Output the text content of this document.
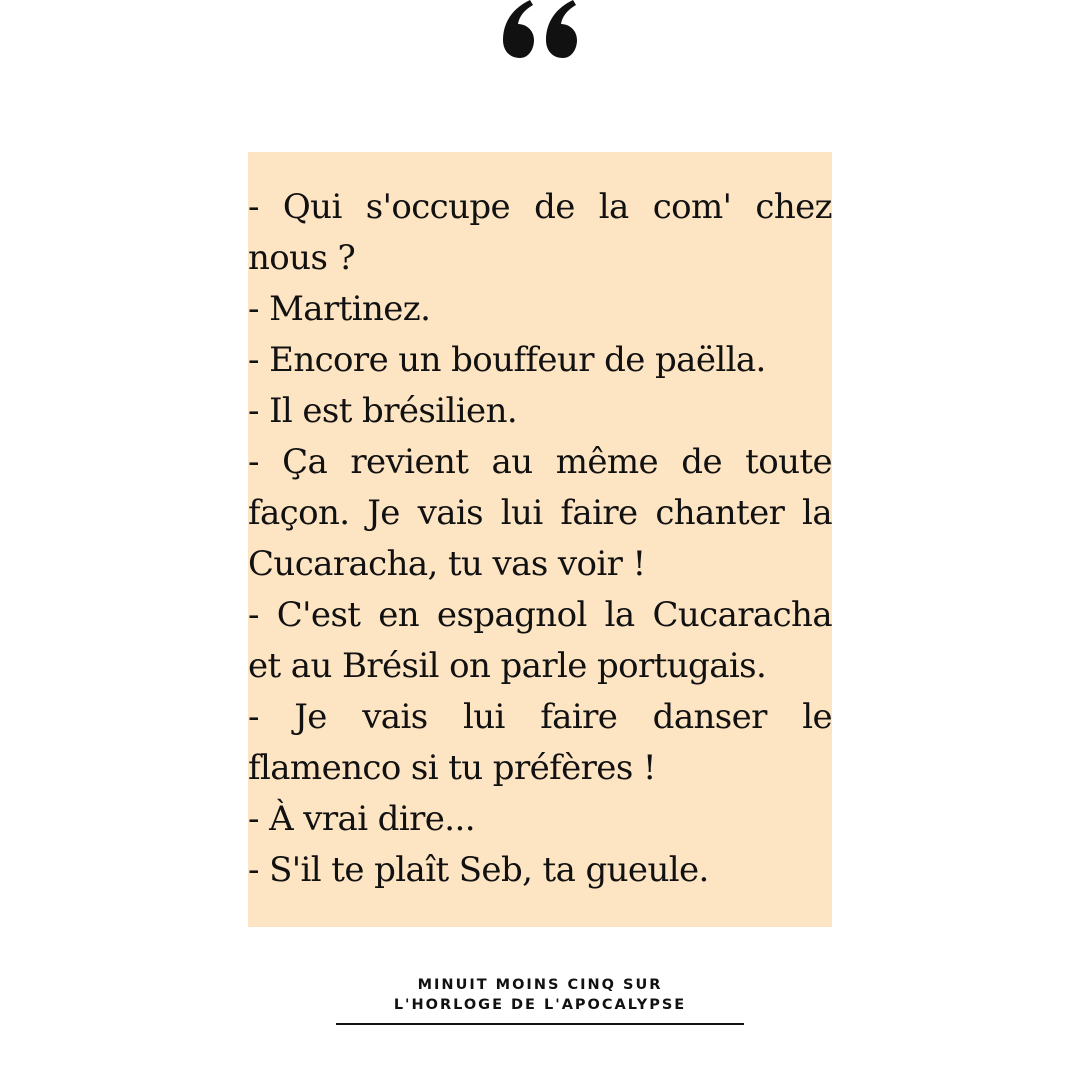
- Qui s'occupe de la com' chez
nous ?
- Martinez.
- Encore un bouffeur de paëlla.
- Il est brésilien.
- Ça revient au même de toute
façon. Je vais lui faire chanter la
Cucaracha, tu vas voir !
- C'est en espagnol la Cucaracha
et au Brésil on parle portugais.
- Je vais lui faire danser le
flamenco si tu préfères !
- À vrai dire...
- S'il te plaît Seb, ta gueule.

MINUIT MOINS CINQ SUR
L'HORLOGE DE L'APOCALYPSE
